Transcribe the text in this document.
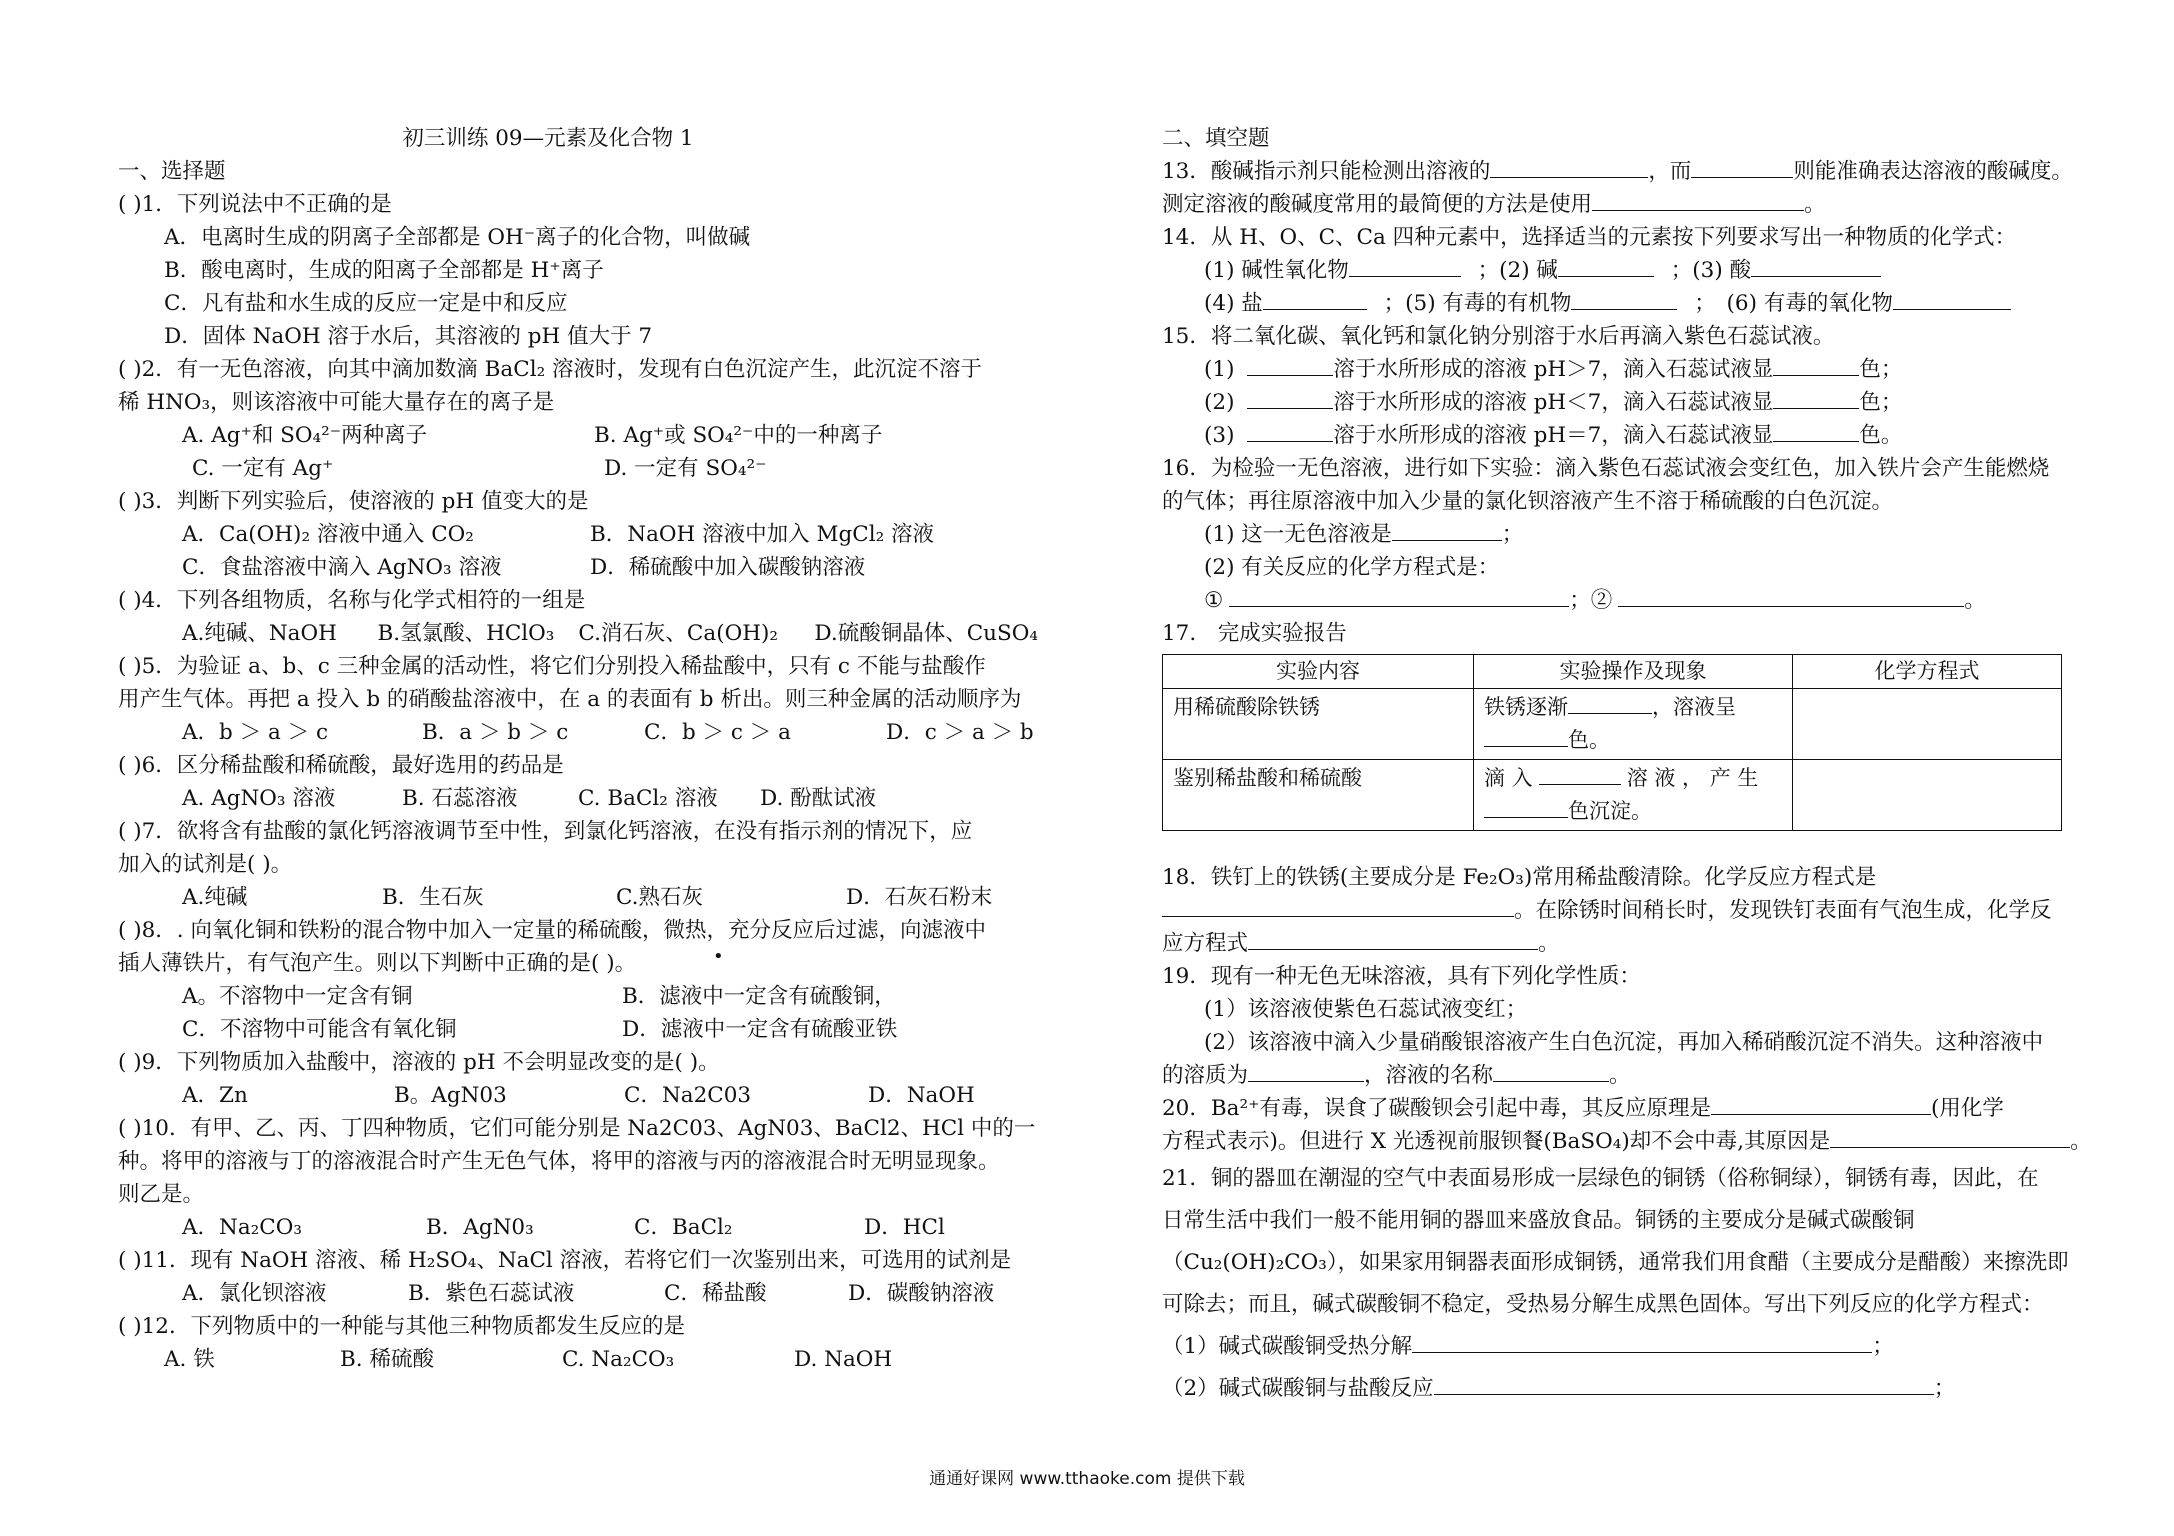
初三训练 09—元素及化合物 1
一、选择题
( )1．下列说法中不正确的是
A．电离时生成的阴离子全部都是 OH⁻离子的化合物，叫做碱
B．酸电离时，生成的阳离子全部都是 H⁺离子
C．凡有盐和水生成的反应一定是中和反应
D．固体 NaOH 溶于水后，其溶液的 pH 值大于 7
( )2．有一无色溶液，向其中滴加数滴 BaCl₂ 溶液时，发现有白色沉淀产生，此沉淀不溶于
稀 HNO₃，则该溶液中可能大量存在的离子是
A. Ag⁺和 SO₄²⁻两种离子	B. Ag⁺或 SO₄²⁻中的一种离子
C. 一定有 Ag⁺	D. 一定有 SO₄²⁻
( )3．判断下列实验后，使溶液的 pH 值变大的是
A．Ca(OH)₂ 溶液中通入 CO₂	B．NaOH 溶液中加入 MgCl₂ 溶液
C．食盐溶液中滴入 AgNO₃ 溶液	D．稀硫酸中加入碳酸钠溶液
( )4．下列各组物质，名称与化学式相符的一组是
A.纯碱、NaOH	B.氢氯酸、HClO₃	C.消石灰、Ca(OH)₂	D.硫酸铜晶体、CuSO₄
( )5．为验证 a、b、c 三种金属的活动性，将它们分别投入稀盐酸中，只有 c 不能与盐酸作
用产生气体。再把 a 投入 b 的硝酸盐溶液中，在 a 的表面有 b 析出。则三种金属的活动顺序为
A．b ＞ a ＞ c	B．a ＞ b ＞ c	C．b ＞ c ＞ a	D．c ＞ a ＞ b
( )6．区分稀盐酸和稀硫酸，最好选用的药品是
A. AgNO₃ 溶液	B. 石蕊溶液	C. BaCl₂ 溶液	D. 酚酞试液
( )7．欲将含有盐酸的氯化钙溶液调节至中性，到氯化钙溶液，在没有指示剂的情况下，应
加入的试剂是( )。
A.纯碱	B．生石灰	C.熟石灰	D．石灰石粉末
( )8．. 向氧化铜和铁粉的混合物中加入一定量的稀硫酸，微热，充分反应后过滤，向滤液中
插人薄铁片，有气泡产生。则以下判断中正确的是( )。
A。不溶物中一定含有铜	B．滤液中一定含有硫酸铜，
C．不溶物中可能含有氧化铜	D．滤液中一定含有硫酸亚铁
( )9．下列物质加入盐酸中，溶液的 pH 不会明显改变的是( )。
A．Zn	B。AgN03	C．Na2C03	D．NaOH
( )10．有甲、乙、丙、丁四种物质，它们可能分别是 Na2C03、AgN03、BaCl2、HCl 中的一
种。将甲的溶液与丁的溶液混合时产生无色气体，将甲的溶液与丙的溶液混合时无明显现象。
则乙是。
A．Na₂CO₃	B．AgN0₃	C．BaCl₂	D．HCl
( )11．现有 NaOH 溶液、稀 H₂SO₄、NaCl 溶液，若将它们一次鉴别出来，可选用的试剂是
A．氯化钡溶液	B．紫色石蕊试液	C．稀盐酸	D．碳酸钠溶液
( )12．下列物质中的一种能与其他三种物质都发生反应的是
A. 铁	B. 稀硫酸	C. Na₂CO₃	D. NaOH
•
二、填空题
13．酸碱指示剂只能检测出溶液的	，而	则能准确表达溶液的酸碱度。
测定溶液的酸碱度常用的最简便的方法是使用	。
14．从 H、O、C、Ca 四种元素中，选择适当的元素按下列要求写出一种物质的化学式：
(1) 碱性氧化物	；(2) 碱	；(3) 酸
(4) 盐	；(5) 有毒的有机物	；　(6) 有毒的氧化物
15．将二氧化碳、氧化钙和氯化钠分别溶于水后再滴入紫色石蕊试液。
(1)	溶于水所形成的溶液 pH＞7，滴入石蕊试液显	色；
(2)	溶于水所形成的溶液 pH＜7，滴入石蕊试液显	色；
(3)	溶于水所形成的溶液 pH＝7，滴入石蕊试液显	色。
16．为检验一无色溶液，进行如下实验：滴入紫色石蕊试液会变红色，加入铁片会产生能燃烧
的气体；再往原溶液中加入少量的氯化钡溶液产生不溶于稀硫酸的白色沉淀。
(1) 这一无色溶液是	；
(2) 有关反应的化学方程式是：
①	；②	。
17.　完成实验报告
实验内容	实验操作及现象	化学方程式
用稀硫酸除铁锈	铁锈逐渐 ，溶液呈
色。	
鉴别稀盐酸和稀硫酸	滴 入 溶 液 ， 产 生
色沉淀。	
18．铁钉上的铁锈(主要成分是 Fe₂O₃)常用稀盐酸清除。化学反应方程式是
。在除锈时间稍长时，发现铁钉表面有气泡生成，化学反
应方程式	。
19．现有一种无色无味溶液，具有下列化学性质：
(1）该溶液使紫色石蕊试液变红；
(2）该溶液中滴入少量硝酸银溶液产生白色沉淀，再加入稀硝酸沉淀不消失。这种溶液中
的溶质为	，溶液的名称	。
20．Ba²⁺有毒，误食了碳酸钡会引起中毒，其反应原理是	(用化学
方程式表示)。但进行 X 光透视前服钡餐(BaSO₄)却不会中毒,其原因是	。
21．铜的器皿在潮湿的空气中表面易形成一层绿色的铜锈（俗称铜绿），铜锈有毒，因此，在
日常生活中我们一般不能用铜的器皿来盛放食品。铜锈的主要成分是碱式碳酸铜
（Cu₂(OH)₂CO₃），如果家用铜器表面形成铜锈，通常我们用食醋（主要成分是醋酸）来擦洗即
可除去；而且，碱式碳酸铜不稳定，受热易分解生成黑色固体。写出下列反应的化学方程式：
（1）碱式碳酸铜受热分解	；
（2）碱式碳酸铜与盐酸反应	；
通通好课网 www.tthaoke.com 提供下载
